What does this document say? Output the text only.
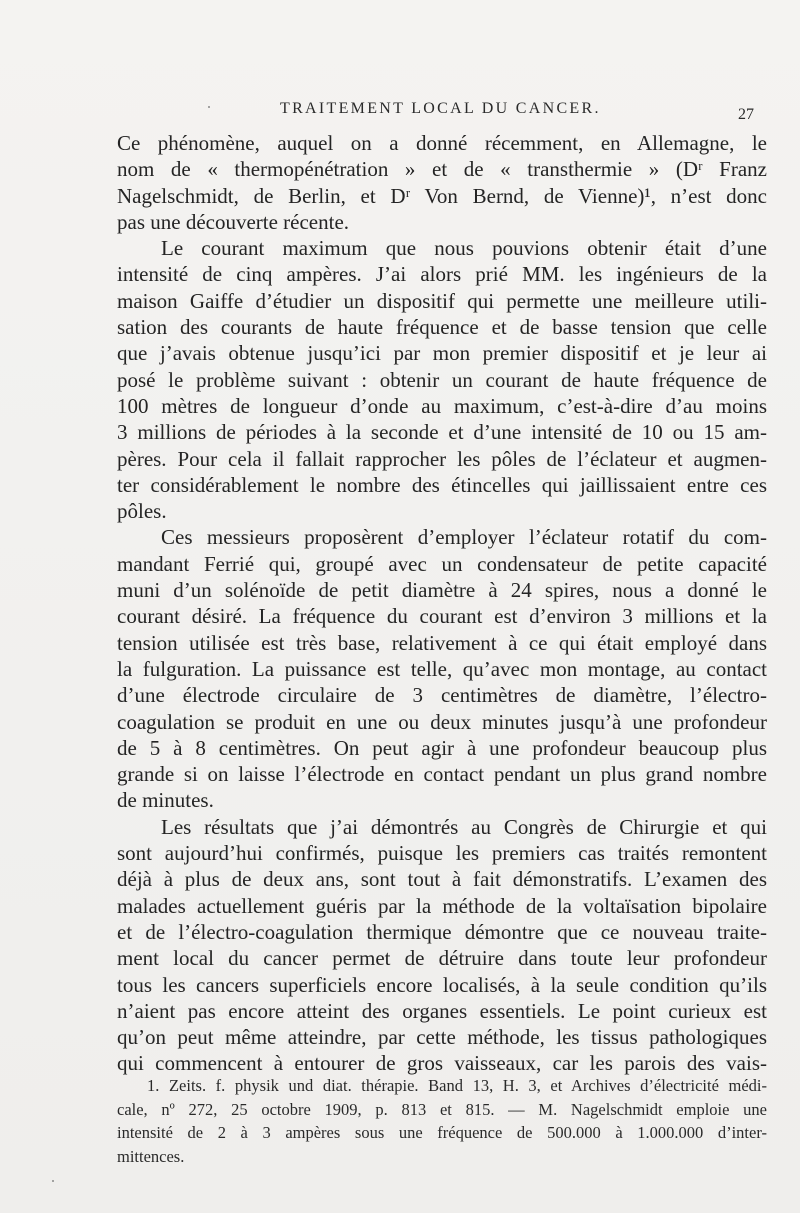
TRAITEMENT LOCAL DU CANCER.	27
Ce phénomène, auquel on a donné récemment, en Allemagne, le
nom de « thermopénétration » et de « transthermie » (Dʳ Franz
Nagelschmidt, de Berlin, et Dʳ Von Bernd, de Vienne)¹, n’est donc
pas une découverte récente.
Le courant maximum que nous pouvions obtenir était d’une
intensité de cinq ampères. J’ai alors prié MM. les ingénieurs de la
maison Gaiffe d’étudier un dispositif qui permette une meilleure utili-
sation des courants de haute fréquence et de basse tension que celle
que j’avais obtenue jusqu’ici par mon premier dispositif et je leur ai
posé le problème suivant : obtenir un courant de haute fréquence de
100 mètres de longueur d’onde au maximum, c’est-à-dire d’au moins
3 millions de périodes à la seconde et d’une intensité de 10 ou 15 am-
pères. Pour cela il fallait rapprocher les pôles de l’éclateur et augmen-
ter considérablement le nombre des étincelles qui jaillissaient entre ces
pôles.
Ces messieurs proposèrent d’employer l’éclateur rotatif du com-
mandant Ferrié qui, groupé avec un condensateur de petite capacité
muni d’un solénoïde de petit diamètre à 24 spires, nous a donné le
courant désiré. La fréquence du courant est d’environ 3 millions et la
tension utilisée est très base, relativement à ce qui était employé dans
la fulguration. La puissance est telle, qu’avec mon montage, au contact
d’une électrode circulaire de 3 centimètres de diamètre, l’électro-
coagulation se produit en une ou deux minutes jusqu’à une profondeur
de 5 à 8 centimètres. On peut agir à une profondeur beaucoup plus
grande si on laisse l’électrode en contact pendant un plus grand nombre
de minutes.
Les résultats que j’ai démontrés au Congrès de Chirurgie et qui
sont aujourd’hui confirmés, puisque les premiers cas traités remontent
déjà à plus de deux ans, sont tout à fait démonstratifs. L’examen des
malades actuellement guéris par la méthode de la voltaïsation bipolaire
et de l’électro-coagulation thermique démontre que ce nouveau traite-
ment local du cancer permet de détruire dans toute leur profondeur
tous les cancers superficiels encore localisés, à la seule condition qu’ils
n’aient pas encore atteint des organes essentiels. Le point curieux est
qu’on peut même atteindre, par cette méthode, les tissus pathologiques
qui commencent à entourer de gros vaisseaux, car les parois des vais-
1. Zeits. f. physik und diat. thérapie. Band 13, H. 3, et Archives d’électricité médi-
cale, nº 272, 25 octobre 1909, p. 813 et 815. — M. Nagelschmidt emploie une
intensité de 2 à 3 ampères sous une fréquence de 500.000 à 1.000.000 d’inter-
mittences.
